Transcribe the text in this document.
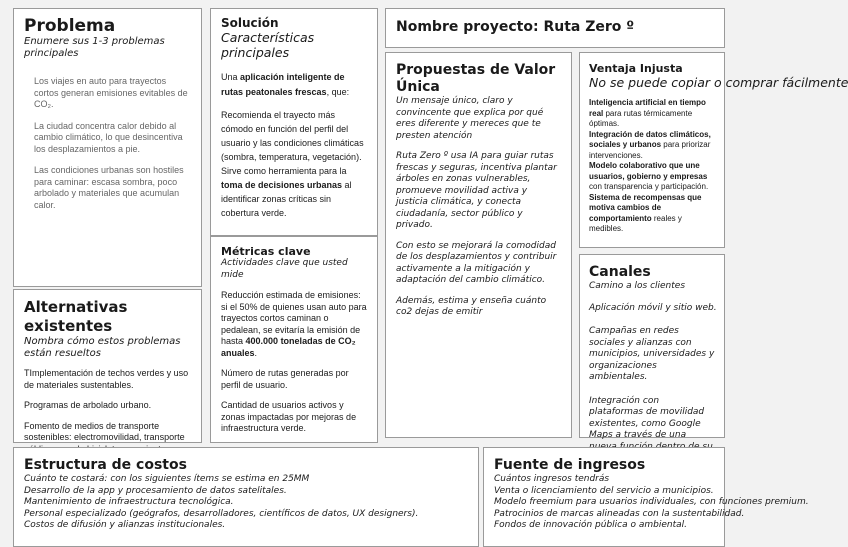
Problema

Enumere sus 1-3 problemas principales

Los viajes en auto para trayectos cortos generan emisiones evitables de CO₂.

La ciudad concentra calor debido al cambio climático, lo que desincentiva los desplazamientos a pie.

Las condiciones urbanas son hostiles para caminar: escasa sombra, poco arbolado y materiales que acumulan calor.

Alternativas existentes

Nombra cómo estos problemas están resueltos

TImplementación de techos verdes y uso de materiales sustentables.

Programas de arbolado urbano.

Fomento de medios de transporte sostenibles: electromovilidad, transporte

Solución

Características principales

Una aplicación inteligente de rutas peatonales frescas, que:

Recomienda el trayecto más cómodo en función del perfil del usuario y las condiciones climáticas (sombra, temperatura, vegetación).

Sirve como herramienta para la toma de decisiones urbanas al identificar zonas críticas sin cobertura verde.

Métricas clave

Actividades clave que usted mide

Reducción estimada de emisiones: si el 50% de quienes usan auto para trayectos cortos caminan o pedalean, se evitaría la emisión de hasta 400.000 toneladas de CO₂ anuales.

Número de rutas generadas por perfil de usuario.

Cantidad de usuarios activos y zonas impactadas por mejoras de infraestructura verde.

Nombre proyecto: Ruta Zero º

Propuestas de Valor Única

Un mensaje único, claro y convincente que explica por qué eres diferente y mereces que te presten atención

Ruta Zero º usa IA para guiar rutas frescas y seguras, incentiva plantar árboles en zonas vulnerables, promueve movilidad activa y justicia climática, y conecta ciudadanía, sector público y privado.

Con esto se mejorará la comodidad de los desplazamientos y contribuir activamente a la mitigación y adaptación del cambio climático.

Además, estima y enseña cuánto co2 dejas de emitir

Ventaja Injusta

No se puede copiar o comprar fácilmente

Inteligencia artificial en tiempo real para rutas térmicamente óptimas.

Integración de datos climáticos, sociales y urbanos para priorizar intervenciones.

Modelo colaborativo que une usuarios, gobierno y empresas con transparencia y participación.

Sistema de recompensas que motiva cambios de comportamiento reales y medibles.

Canales

Camino a los clientes

Aplicación móvil y sitio web.

Campañas en redes sociales y alianzas con municipios, universidades y organizaciones ambientales.

Integración con plataformas de movilidad existentes, como Google Maps a través de una

Estructura de costos

Cuánto te costará: con los siguientes ítems se estima en 25MM

Desarrollo de la app y procesamiento de datos satelitales.

Mantenimiento de infraestructura tecnológica.

Personal especializado (geógrafos, desarrolladores, científicos de datos, UX designers).

Costos de difusión y alianzas institucionales.

Fuente de ingresos

Cuántos ingresos tendrás

Venta o licenciamiento del servicio a municipios.

Modelo freemium para usuarios individuales, con funciones premium.

Patrocinios de marcas alineadas con la sustentabilidad.

Fondos de innovación pública o ambiental.
